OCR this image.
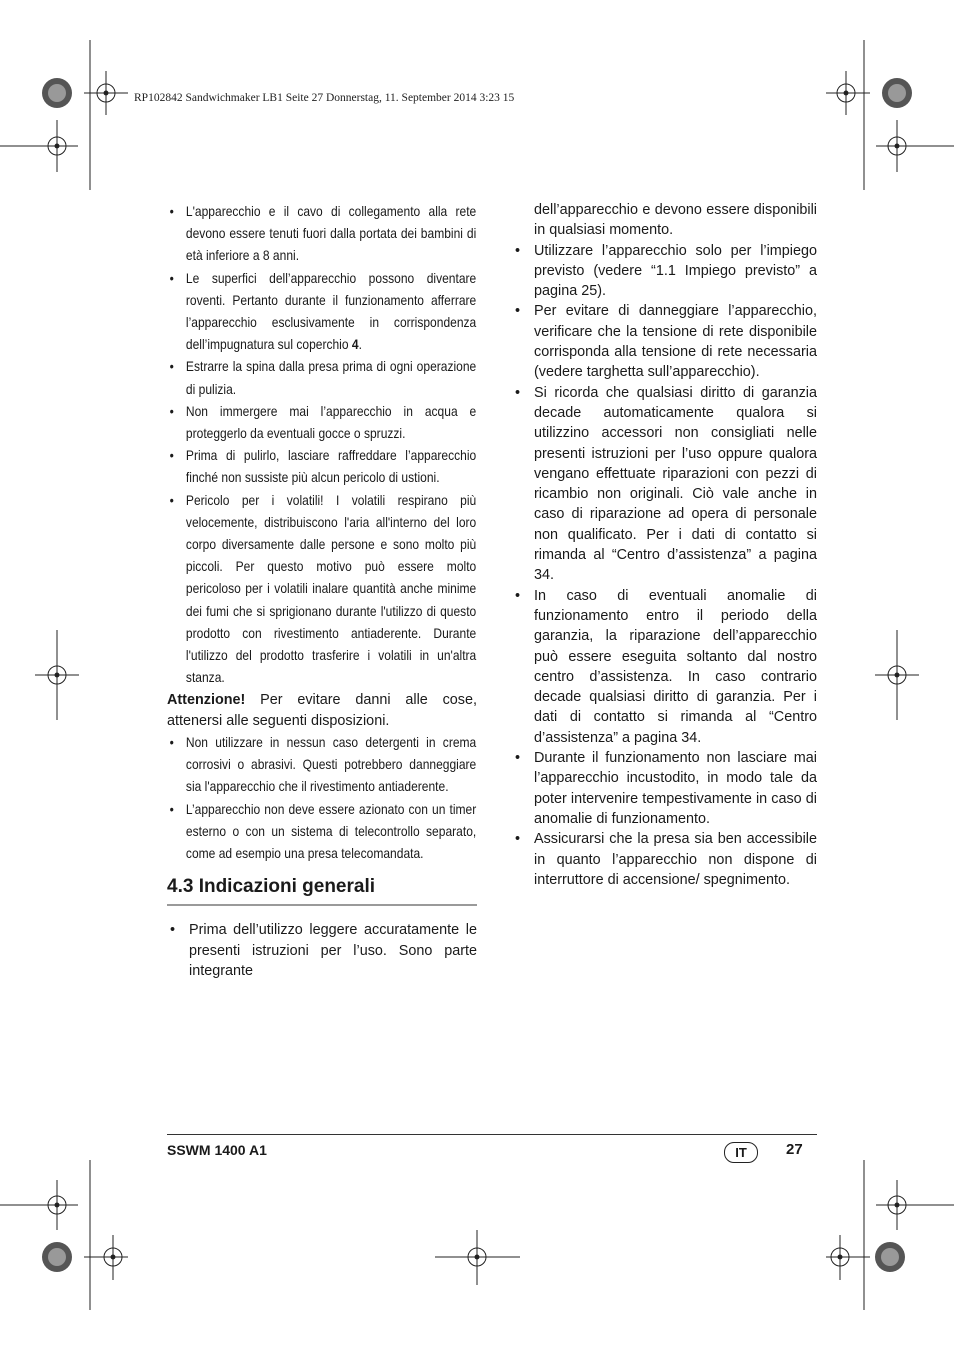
RP102842 Sandwichmaker LB1 Seite 27 Donnerstag, 11. September 2014 3:23 15
• L'apparecchio e il cavo di collegamento alla rete devono essere tenuti fuori dalla portata dei bambini di età inferiore a 8 anni.
• Le superfici dell’apparecchio possono diventare roventi. Pertanto durante il funzionamento afferrare l’apparecchio esclusivamente in corrispondenza dell’impugnatura sul coperchio 4.
• Estrarre la spina dalla presa prima di ogni operazione di pulizia.
• Non immergere mai l’apparecchio in acqua e proteggerlo da eventuali gocce o spruzzi.
• Prima di pulirlo, lasciare raffreddare l’apparecchio finché non sussiste più alcun pericolo di ustioni.
• Pericolo per i volatili! I volatili respirano più velocemente, distribuiscono l'aria all'interno del loro corpo diversamente dalle persone e sono molto più piccoli. Per questo motivo può essere molto pericoloso per i volatili inalare quantità anche minime dei fumi che si sprigionano durante l'utilizzo di questo prodotto con rivestimento antiaderente. Durante l'utilizzo del prodotto trasferire i volatili in un'altra stanza.

Attenzione! Per evitare danni alle cose, attenersi alle seguenti disposizioni.

• Non utilizzare in nessun caso detergenti in crema corrosivi o abrasivi. Questi potrebbero danneggiare sia l'apparecchio che il rivestimento antiaderente.
• L’apparecchio non deve essere azionato con un timer esterno o con un sistema di telecontrollo separato, come ad esempio una presa telecomandata.
4.3 Indicazioni generali
• Prima dell’utilizzo leggere accuratamente le presenti istruzioni per l’uso. Sono parte integrante
dell’apparecchio e devono essere disponibili in qualsiasi momento.
• Utilizzare l’apparecchio solo per l’impiego previsto (vedere “1.1 Impiego previsto” a pagina 25).
• Per evitare di danneggiare l’apparecchio, verificare che la tensione di rete disponibile corrisponda alla tensione di rete necessaria (vedere targhetta sull’apparecchio).
• Si ricorda che qualsiasi diritto di garanzia decade automaticamente qualora si utilizzino accessori non consigliati nelle presenti istruzioni per l’uso oppure qualora vengano effettuate riparazioni con pezzi di ricambio non originali. Ciò vale anche in caso di riparazione ad opera di personale non qualificato. Per i dati di contatto si rimanda al “Centro d’assistenza” a pagina 34.
• In caso di eventuali anomalie di funzionamento entro il periodo della garanzia, la riparazione dell’apparecchio può essere eseguita soltanto dal nostro centro d’assistenza. In caso contrario decade qualsiasi diritto di garanzia. Per i dati di contatto si rimanda al “Centro d’assistenza” a pagina 34.
• Durante il funzionamento non lasciare mai l’apparecchio incustodito, in modo tale da poter intervenire tempestivamente in caso di anomalie di funzionamento.
• Assicurarsi che la presa sia ben accessibile in quanto l’apparecchio non dispone di interruttore di accensione/ spegnimento.
SSWM 1400 A1	IT	27
